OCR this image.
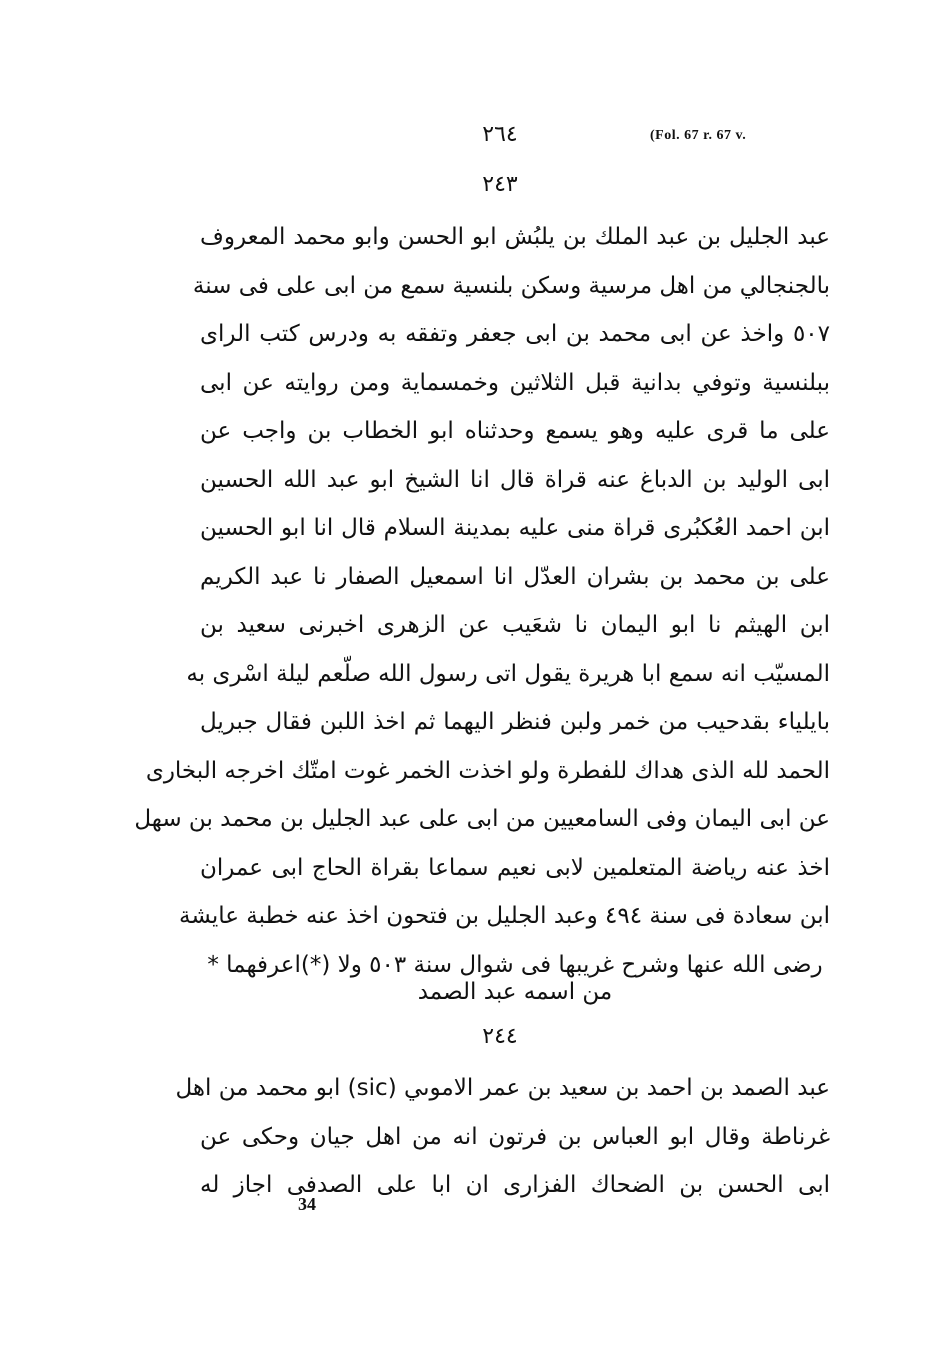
٢٦٤	(Fol. 67 r. 67 v.
٢٤٣
عبد الجليل بن عبد الملك بن يلبُش ابو الحسن وابو محمد المعروف
بالجنجالي من اهل مرسية وسكن بلنسية سمع من ابى على فى سنة
٥٠٧ واخذ عن ابى محمد بن ابى جعفر وتفقه به ودرس كتب الراى
ببلنسية وتوفي بدانية قبل الثلاثين وخمسماية ومن روايته عن ابى
على ما قرى عليه وهو يسمع وحدثناه ابو الخطاب بن واجب عن
ابى الوليد بن الدباغ عنه قراة قال انا الشيخ ابو عبد الله الحسين
ابن احمد العُكبُرى قراة منى عليه بمدينة السلام قال انا ابو الحسين
على بن محمد بن بشران العدّل انا اسمعيل الصفار نا عبد الكريم
ابن الهيثم نا ابو اليمان نا شعَيب عن الزهرى اخبرنى سعيد بن
المسيّب انه سمع ابا هريرة يقول اتى رسول الله صلّعم ليلة اسْرى به
بايلياء بقدحيب من خمر ولبن فنظر اليهما ثم اخذ اللبن فقال جبريل
الحمد لله الذى هداك للفطرة ولو اخذت الخمر غوت امتّك اخرجه البخارى
عن ابى اليمان وفى السامعيين من ابى على عبد الجليل بن محمد بن سهل
اخذ عنه رياضة المتعلمين لابى نعيم سماعا بقراة الحاج ابى عمران
ابن سعادة فى سنة ٤٩٤ وعبد الجليل بن فتحون اخذ عنه خطبة عايشة
رضى الله عنها وشرح غريبها فى شوال سنة ٥٠٣ ولا (*)اعرفهما *
من اسمه عبد الصمد
٢٤٤
عبد الصمد بن احمد بن سعيد بن عمر الاموىي (sic) ابو محمد من اهل
غرناطة وقال ابو العباس بن فرتون انه من اهل جيان وحكى عن
ابى الحسن بن الضحاك الفزارى ان ابا على الصدفى اجاز له
34
